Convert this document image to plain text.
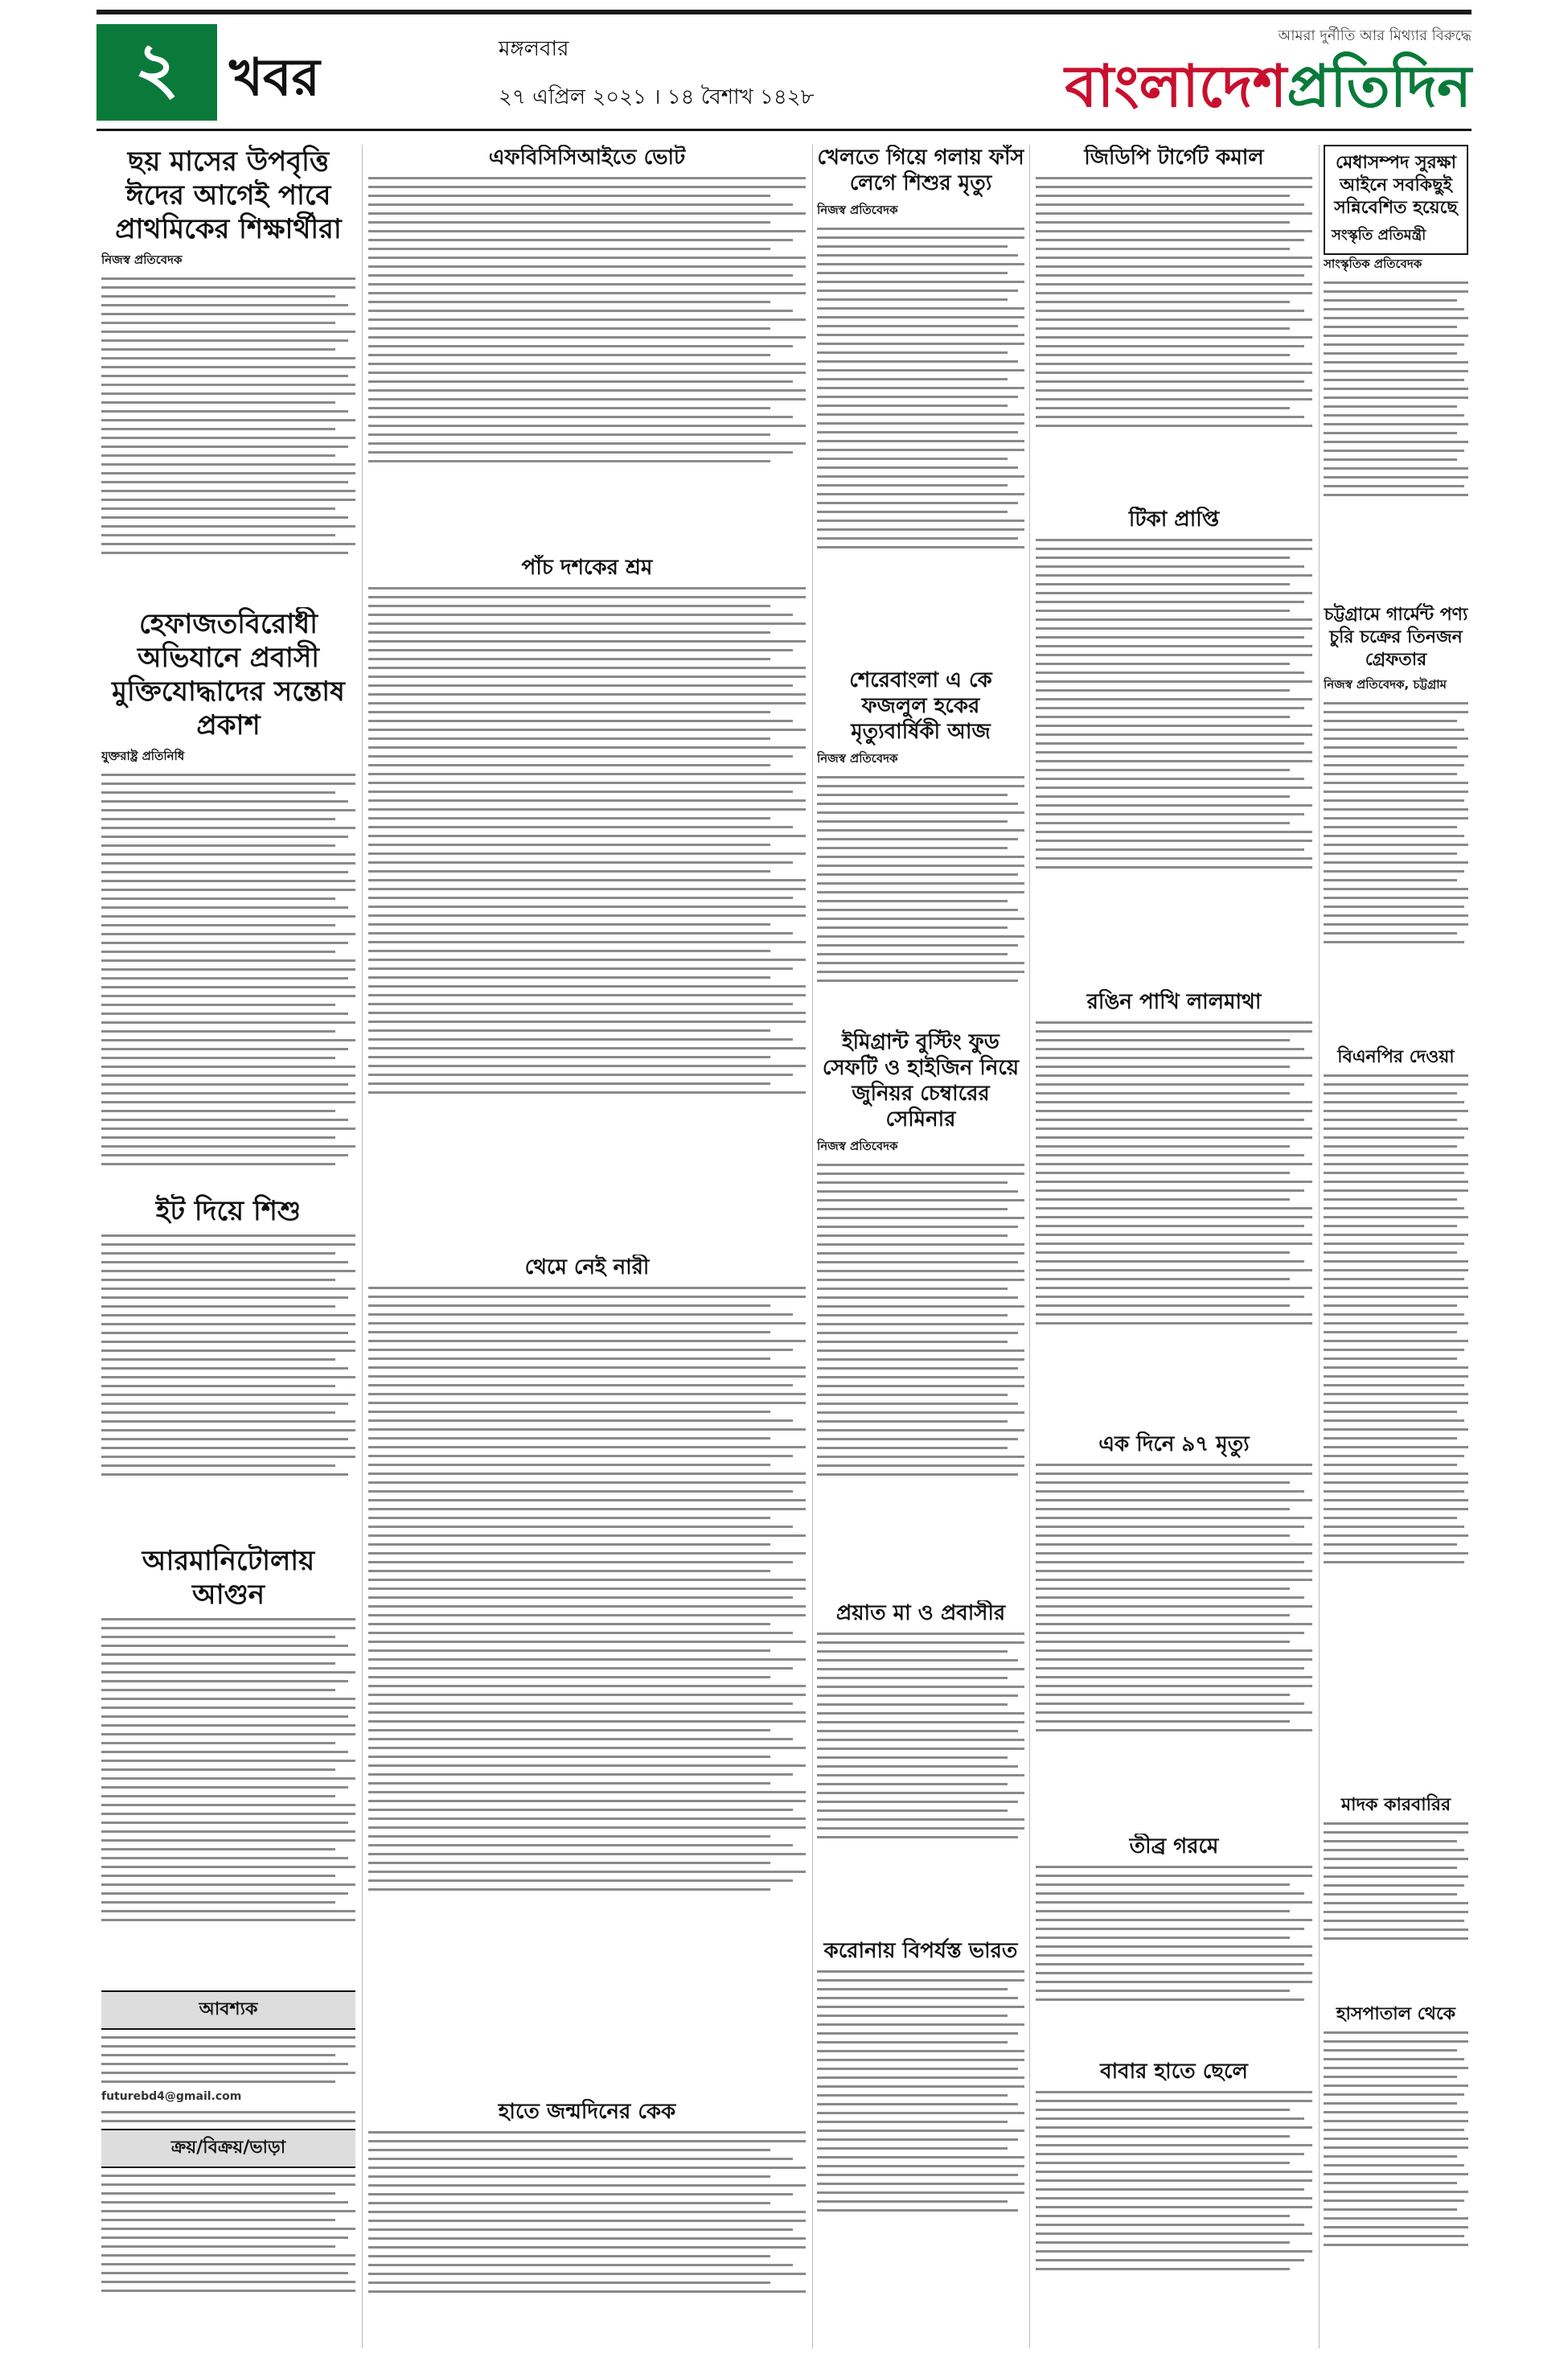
২ খবর	মঙ্গলবার
২৭ এপ্রিল ২০২১ । ১৪ বৈশাখ ১৪২৮
আমরা দুর্নীতি আর মিথ্যার বিরুদ্ধে
বাংলাদেশপ্রতিদিন
ছয় মাসের উপবৃত্তি ঈদের আগেই পাবে প্রাথমিকের শিক্ষার্থীরা
নিজস্ব প্রতিবেদক
হেফাজতবিরোধী অভিযানে প্রবাসী মুক্তিযোদ্ধাদের সন্তোষ প্রকাশ
যুক্তরাষ্ট্র প্রতিনিধি
ইট দিয়ে শিশু
আরমানিটোলায় আগুন
আবশ্যক
futurebd4@gmail.com
ক্রয়/বিক্রয়/ভাড়া
এফবিসিসিআইতে ভোট
পাঁচ দশকের শ্রম
থেমে নেই নারী
হাতে জন্মদিনের কেক
খেলতে গিয়ে গলায় ফাঁস লেগে শিশুর মৃত্যু
নিজস্ব প্রতিবেদক
শেরেবাংলা এ কে ফজলুল হকের মৃত্যুবার্ষিকী আজ
নিজস্ব প্রতিবেদক
ইমিগ্রান্ট বুস্টিং ফুড সেফটি ও হাইজিন নিয়ে জুনিয়র চেম্বারের সেমিনার
নিজস্ব প্রতিবেদক
প্রয়াত মা ও প্রবাসীর
করোনায় বিপর্যস্ত ভারত
জিডিপি টার্গেট কমাল
টিকা প্রাপ্তি
রঙিন পাখি লালমাথা
এক দিনে ৯৭ মৃত্যু
তীব্র গরমে
বাবার হাতে ছেলে
মেধাসম্পদ সুরক্ষা আইনে সবকিছুই সন্নিবেশিত হয়েছে
সংস্কৃতি প্রতিমন্ত্রী
সাংস্কৃতিক প্রতিবেদক
চট্টগ্রামে গার্মেন্ট পণ্য চুরি চক্রের তিনজন গ্রেফতার
নিজস্ব প্রতিবেদক, চট্টগ্রাম
বিএনপির দেওয়া
মাদক কারবারির
হাসপাতাল থেকে
